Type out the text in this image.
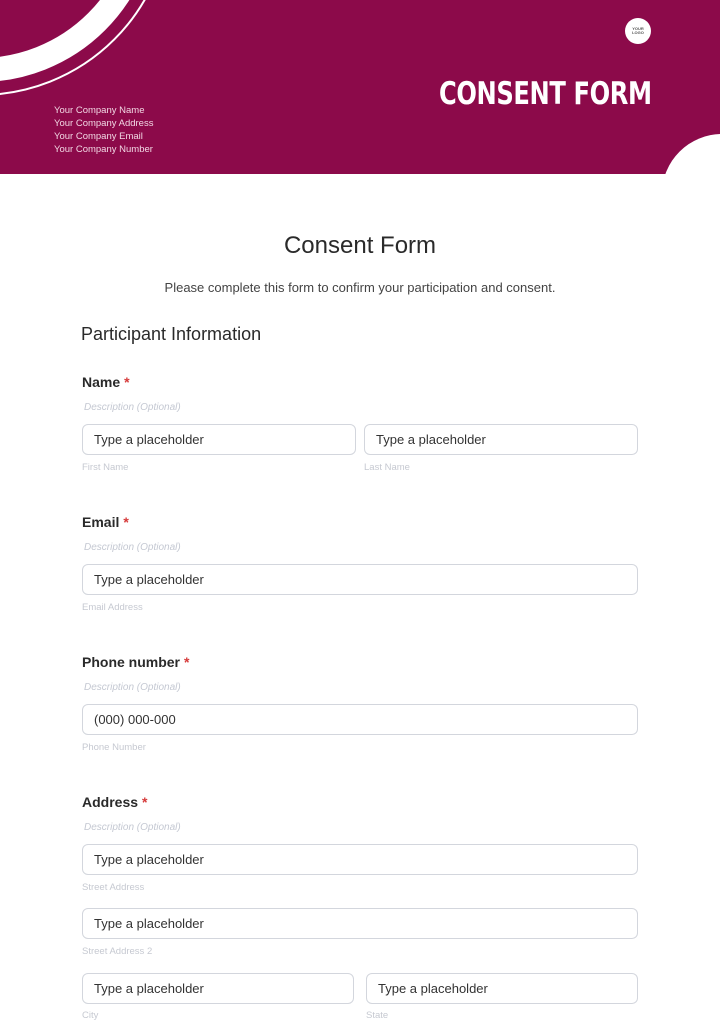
Your Company Name
Your Company Address
Your Company Email
Your Company Number
YOUR
LOGO
CONSENT FORM
Consent Form
Please complete this form to confirm your participation and consent.
Participant Information
Name *
Description (Optional)
Type a placeholder
First Name
Type a placeholder
Last Name
Email *
Description (Optional)
Type a placeholder
Email Address
Phone number *
Description (Optional)
(000) 000-000
Phone Number
Address *
Description (Optional)
Type a placeholder
Street Address
Type a placeholder
Street Address 2
Type a placeholder
City
Type a placeholder
State
